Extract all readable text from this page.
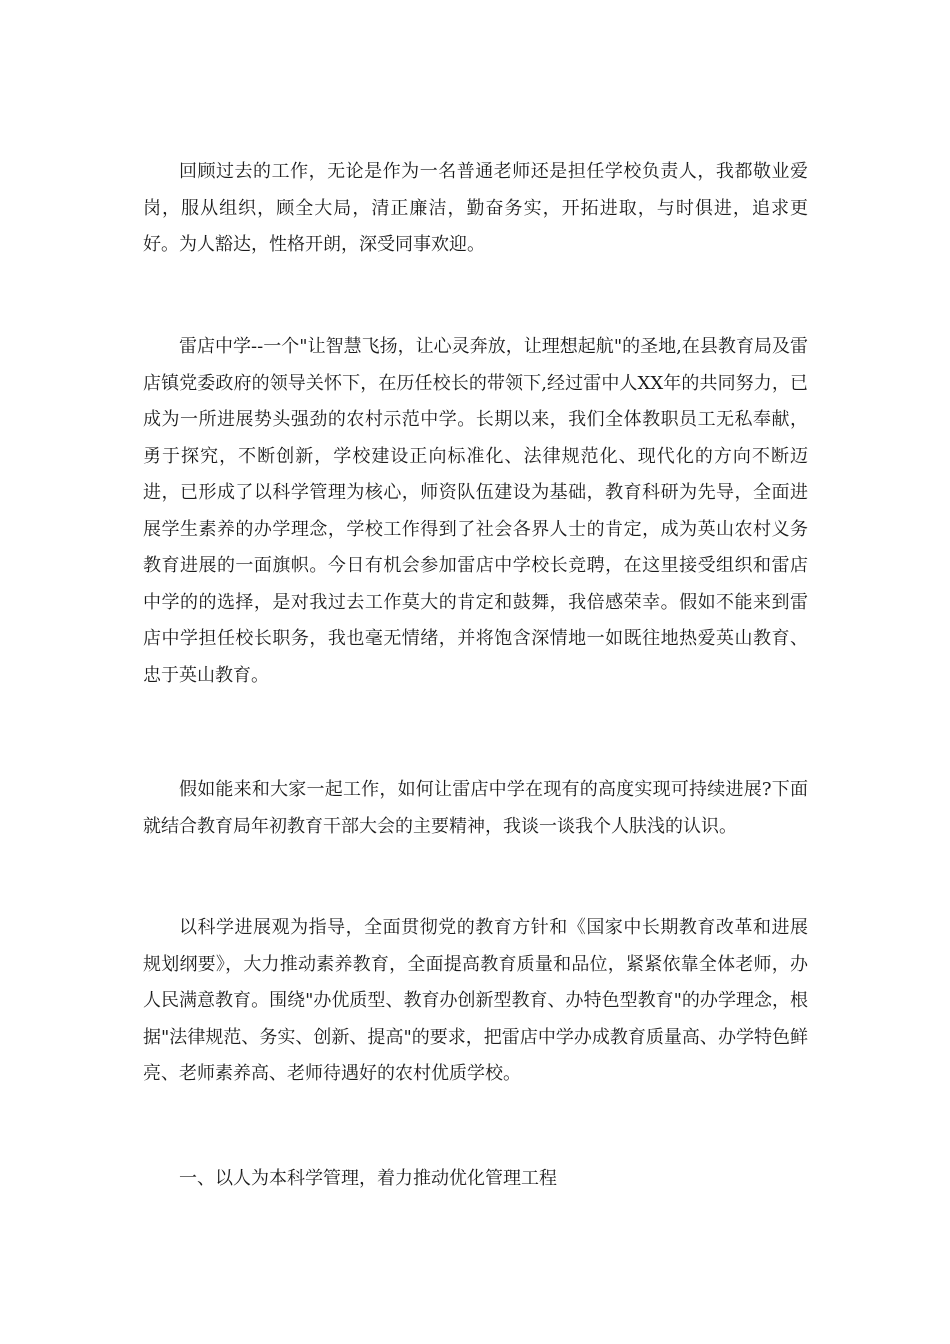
回顾过去的工作，无论是作为一名普通老师还是担任学校负责人，我都敬业爱岗，服从组织，顾全大局，清正廉洁，勤奋务实，开拓进取，与时俱进，追求更好。为人豁达，性格开朗，深受同事欢迎。

雷店中学--一个"让智慧飞扬，让心灵奔放，让理想起航"的圣地,在县教育局及雷店镇党委政府的领导关怀下，在历任校长的带领下,经过雷中人XX年的共同努力，已成为一所进展势头强劲的农村示范中学。长期以来，我们全体教职员工无私奉献，勇于探究，不断创新，学校建设正向标准化、法律规范化、现代化的方向不断迈进，已形成了以科学管理为核心，师资队伍建设为基础，教育科研为先导，全面进展学生素养的办学理念，学校工作得到了社会各界人士的肯定，成为英山农村义务教育进展的一面旗帜。今日有机会参加雷店中学校长竞聘，在这里接受组织和雷店中学的的选择，是对我过去工作莫大的肯定和鼓舞，我倍感荣幸。假如不能来到雷店中学担任校长职务，我也毫无情绪，并将饱含深情地一如既往地热爱英山教育、忠于英山教育。

假如能来和大家一起工作，如何让雷店中学在现有的高度实现可持续进展?下面就结合教育局年初教育干部大会的主要精神，我谈一谈我个人肤浅的认识。

以科学进展观为指导，全面贯彻党的教育方针和《国家中长期教育改革和进展规划纲要》，大力推动素养教育，全面提高教育质量和品位，紧紧依靠全体老师，办人民满意教育。围绕"办优质型、教育办创新型教育、办特色型教育"的办学理念，根据"法律规范、务实、创新、提高"的要求，把雷店中学办成教育质量高、办学特色鲜亮、老师素养高、老师待遇好的农村优质学校。

一、以人为本科学管理，着力推动优化管理工程
